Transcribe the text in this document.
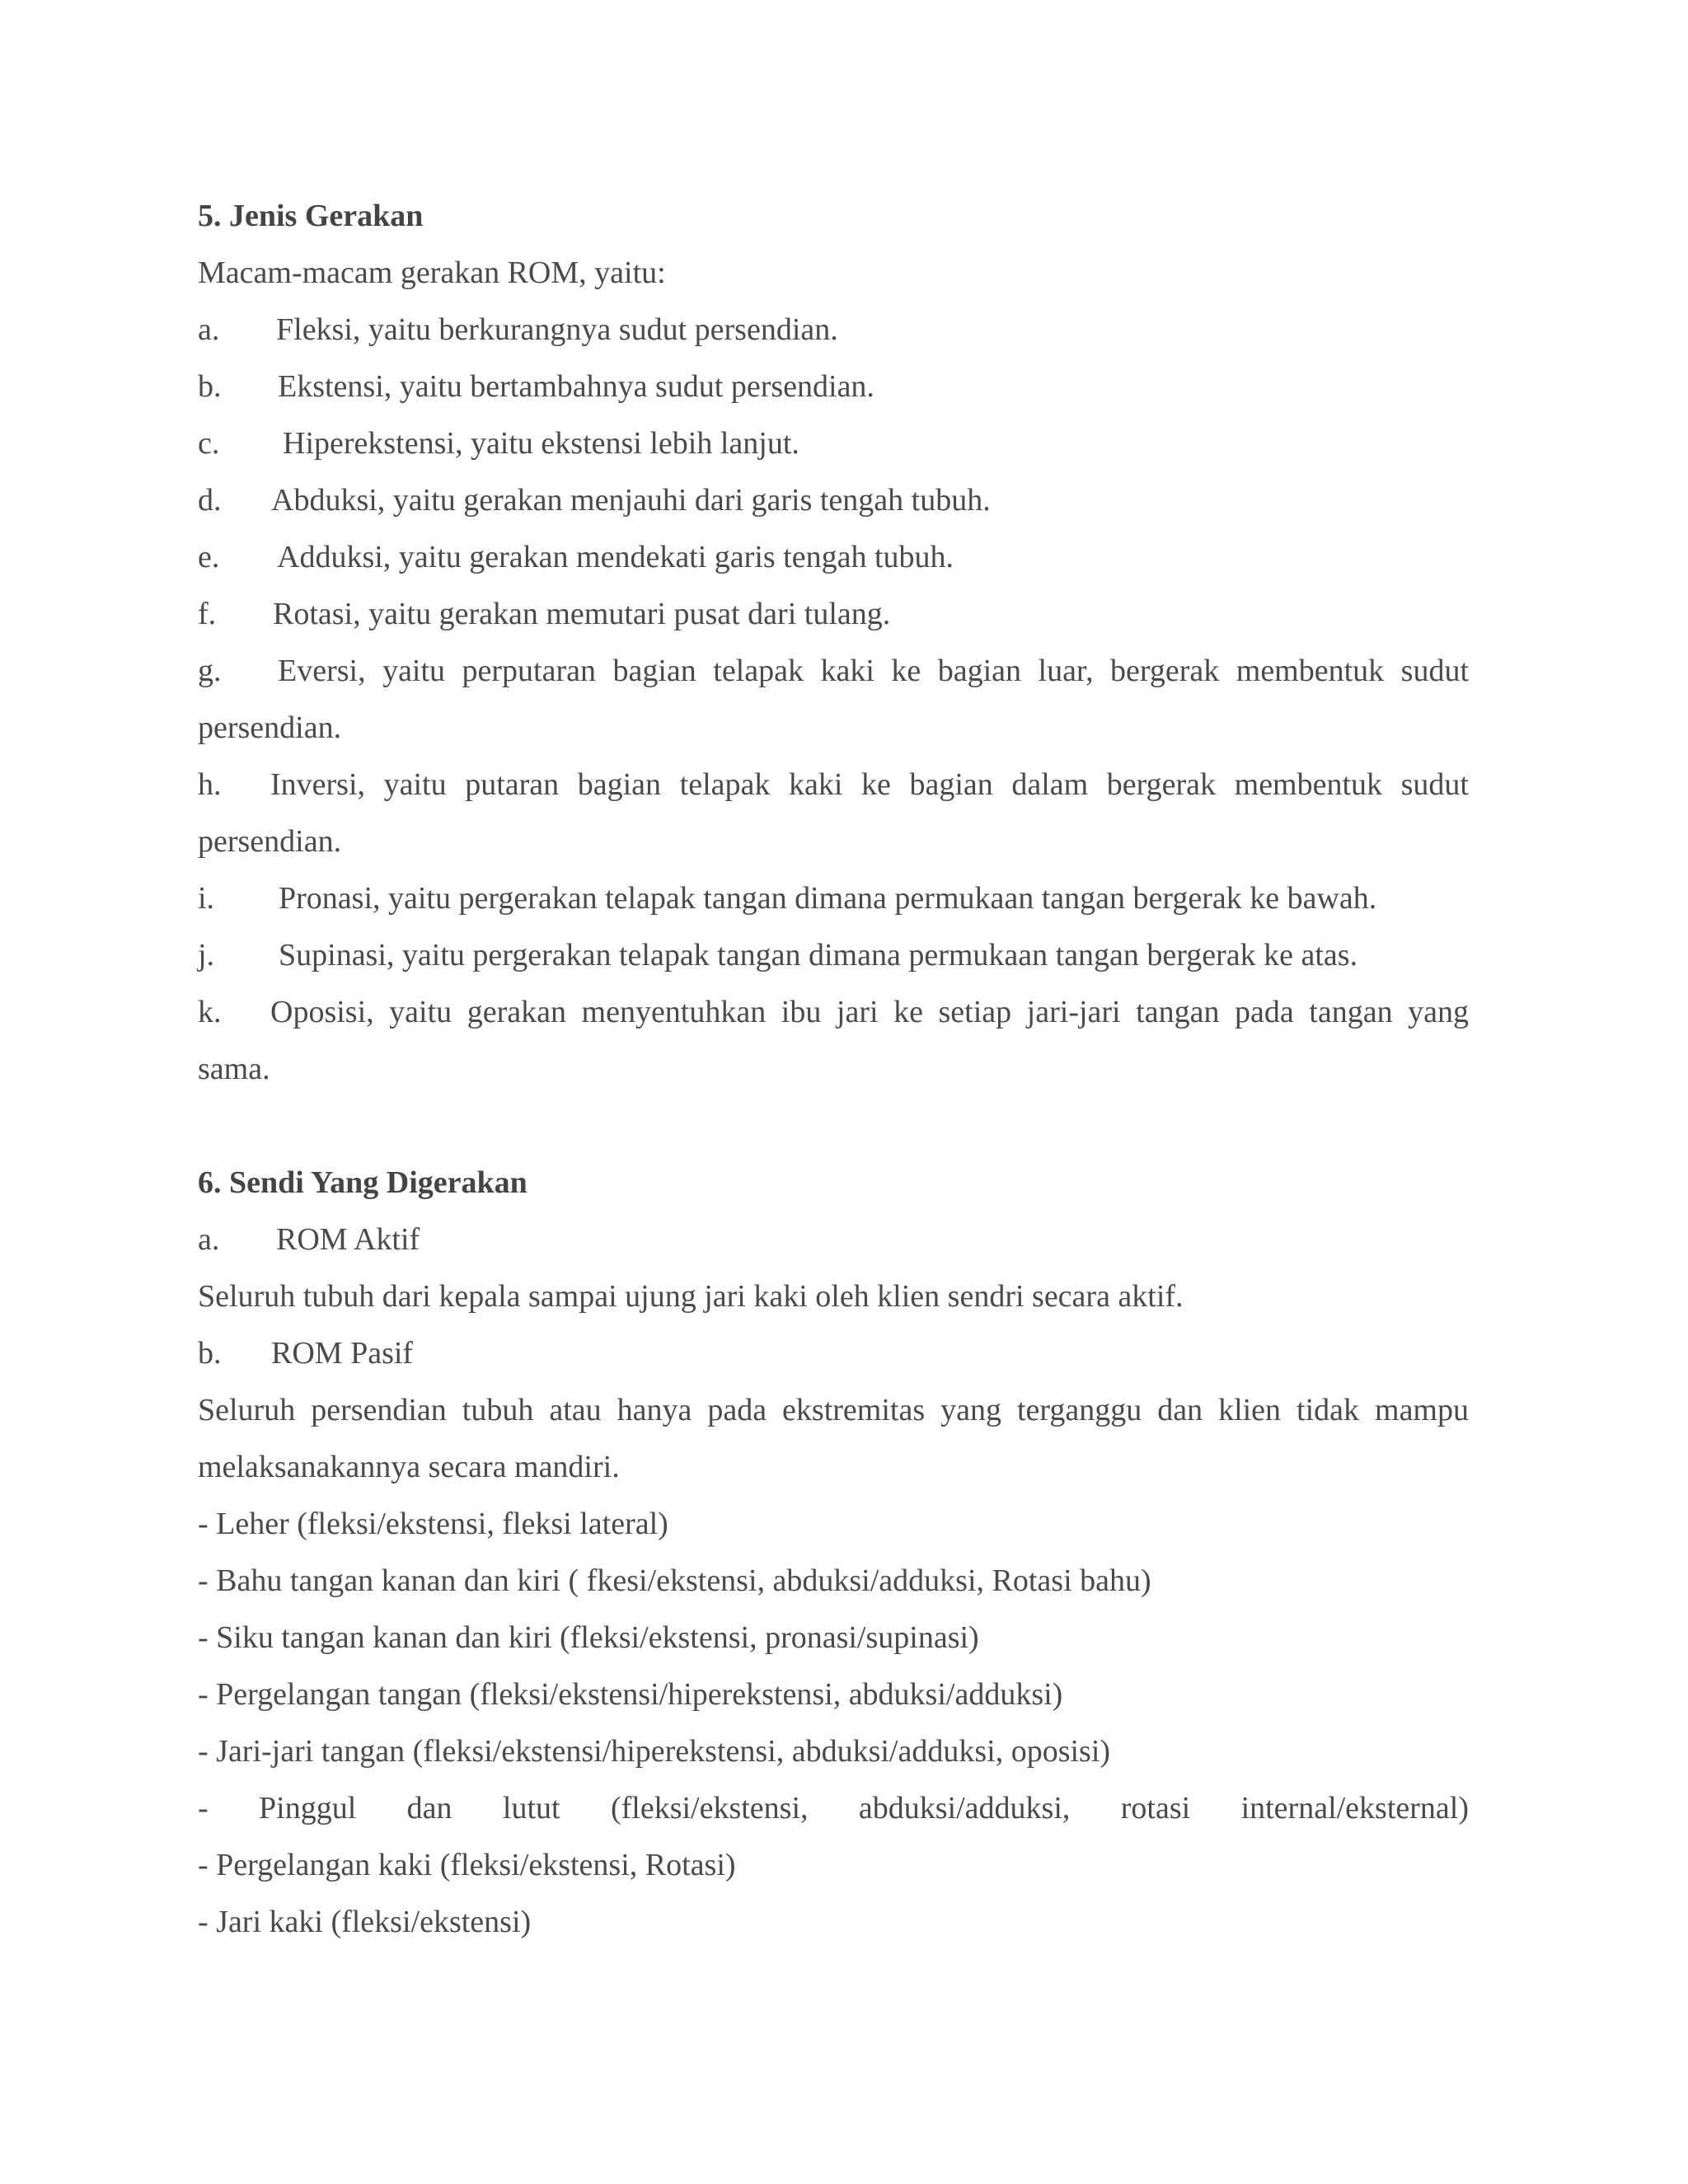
5. Jenis Gerakan
Macam-macam gerakan ROM, yaitu:
a.	Fleksi, yaitu berkurangnya sudut persendian.
b.	Ekstensi, yaitu bertambahnya sudut persendian.
c.	Hiperekstensi, yaitu ekstensi lebih lanjut.
d.	Abduksi, yaitu gerakan menjauhi dari garis tengah tubuh.
e.	Adduksi, yaitu gerakan mendekati garis tengah tubuh.
f.	Rotasi, yaitu gerakan memutari pusat dari tulang.
g.	Eversi, yaitu perputaran bagian telapak kaki ke bagian luar, bergerak membentuk sudut
persendian.
h.	Inversi, yaitu putaran bagian telapak kaki ke bagian dalam bergerak membentuk sudut
persendian.
i.	Pronasi, yaitu pergerakan telapak tangan dimana permukaan tangan bergerak ke bawah.
j.	Supinasi, yaitu pergerakan telapak tangan dimana permukaan tangan bergerak ke atas.
k.	Oposisi, yaitu gerakan menyentuhkan ibu jari ke setiap jari-jari tangan pada tangan yang
sama.
6. Sendi Yang Digerakan
a.	ROM Aktif
Seluruh tubuh dari kepala sampai ujung jari kaki oleh klien sendri secara aktif.
b.	ROM Pasif
Seluruh persendian tubuh atau hanya pada ekstremitas yang terganggu dan klien tidak mampu
melaksanakannya secara mandiri.
- Leher (fleksi/ekstensi, fleksi lateral)
- Bahu tangan kanan dan kiri ( fkesi/ekstensi, abduksi/adduksi, Rotasi bahu)
- Siku tangan kanan dan kiri (fleksi/ekstensi, pronasi/supinasi)
- Pergelangan tangan (fleksi/ekstensi/hiperekstensi, abduksi/adduksi)
- Jari-jari tangan (fleksi/ekstensi/hiperekstensi, abduksi/adduksi, oposisi)
- Pinggul dan lutut (fleksi/ekstensi, abduksi/adduksi, rotasi internal/eksternal)
- Pergelangan kaki (fleksi/ekstensi, Rotasi)
- Jari kaki (fleksi/ekstensi)
